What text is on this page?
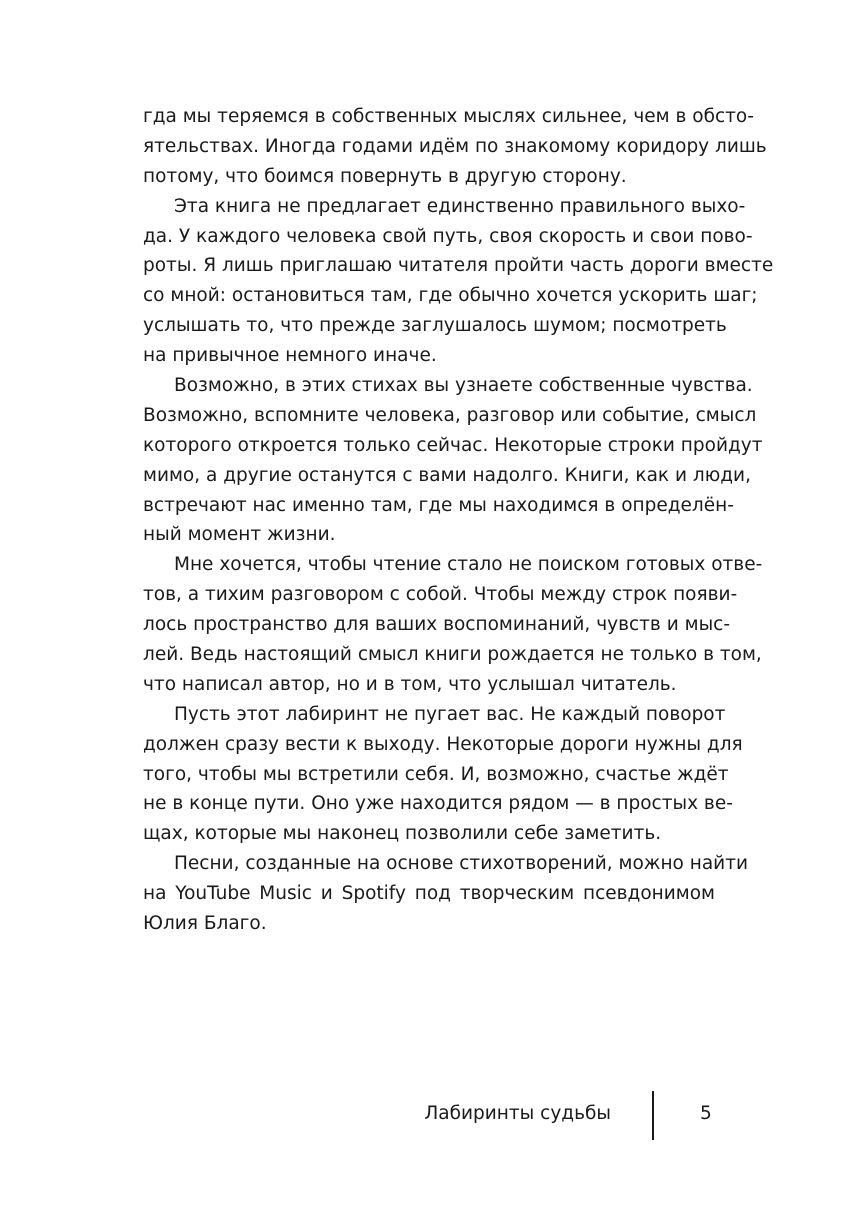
гда мы теряемся в собственных мыслях сильнее, чем в обсто-
ятельствах. Иногда годами идём по знакомому коридору лишь
потому, что боимся повернуть в другую сторону.
Эта книга не предлагает единственно правильного выхо-
да. У каждого человека свой путь, своя скорость и свои пово-
роты. Я лишь приглашаю читателя пройти часть дороги вместе
со мной: остановиться там, где обычно хочется ускорить шаг;
услышать то, что прежде заглушалось шумом; посмотреть
на привычное немного иначе.
Возможно, в этих стихах вы узнаете собственные чувства.
Возможно, вспомните человека, разговор или событие, смысл
которого откроется только сейчас. Некоторые строки пройдут
мимо, а другие останутся с вами надолго. Книги, как и люди,
встречают нас именно там, где мы находимся в определён-
ный момент жизни.
Мне хочется, чтобы чтение стало не поиском готовых отве-
тов, а тихим разговором с собой. Чтобы между строк появи-
лось пространство для ваших воспоминаний, чувств и мыс-
лей. Ведь настоящий смысл книги рождается не только в том,
что написал автор, но и в том, что услышал читатель.
Пусть этот лабиринт не пугает вас. Не каждый поворот
должен сразу вести к выходу. Некоторые дороги нужны для
того, чтобы мы встретили себя. И, возможно, счастье ждёт
не в конце пути. Оно уже находится рядом — в простых ве-
щах, которые мы наконец позволили себе заметить.
Песни, созданные на основе стихотворений, можно найти
на YouTube Music и Spotify под творческим псевдонимом
Юлия Благо.
Лабиринты судьбы	5
